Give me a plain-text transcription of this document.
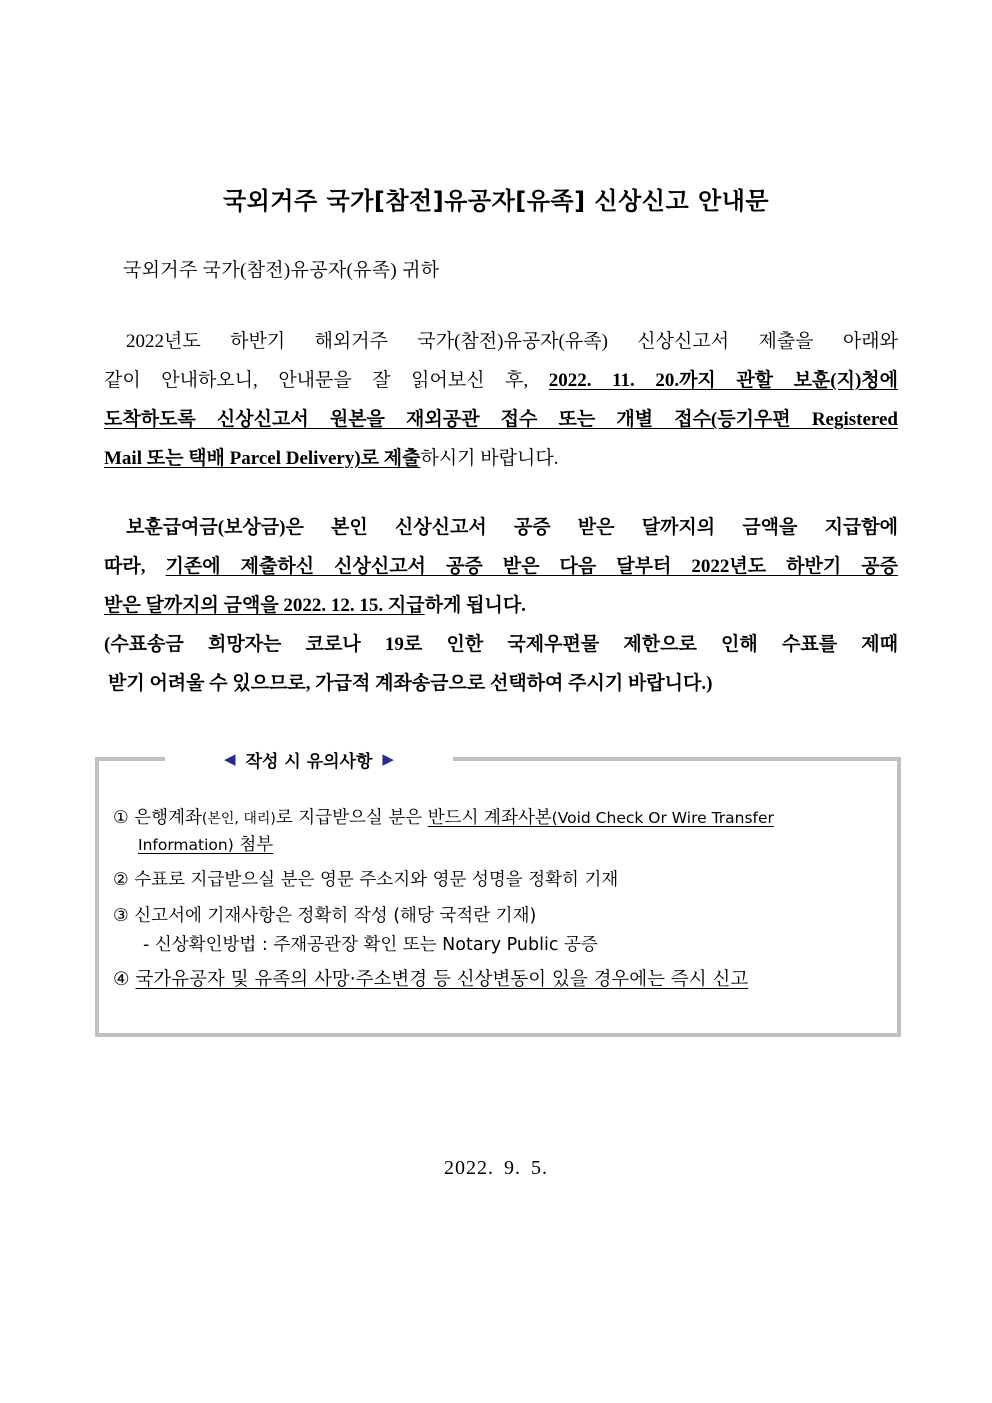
국외거주 국가[참전]유공자[유족] 신상신고 안내문
국외거주 국가(참전)유공자(유족) 귀하
2022년도 하반기 해외거주 국가(참전)유공자(유족) 신상신고서 제출을 아래와
같이 안내하오니, 안내문을 잘 읽어보신 후, 2022. 11. 20.까지 관할 보훈(지)청에
도착하도록 신상신고서 원본을 재외공관 접수 또는 개별 접수(등기우편 Registered
Mail 또는 택배 Parcel Delivery)로 제출하시기 바랍니다.
보훈급여금(보상금)은 본인 신상신고서 공증 받은 달까지의 금액을 지급함에
따라, 기존에 제출하신 신상신고서 공증 받은 다음 달부터 2022년도 하반기 공증
받은 달까지의 금액을 2022. 12. 15. 지급하게 됩니다.
(수표송금 희망자는 코로나 19로 인한 국제우편물 제한으로 인해 수표를 제때
받기 어려울 수 있으므로, 가급적 계좌송금으로 선택하여 주시기 바랍니다.)
◀ 작성 시 유의사항 ▶
① 은행계좌(본인, 대리)로 지급받으실 분은 반드시 계좌사본(Void Check Or Wire Transfer
Information) 첨부
② 수표로 지급받으실 분은 영문 주소지와 영문 성명을 정확히 기재
③ 신고서에 기재사항은 정확히 작성 (해당 국적란 기재)
- 신상확인방법 : 주재공관장 확인 또는 Notary Public 공증
④ 국가유공자 및 유족의 사망·주소변경 등 신상변동이 있을 경우에는 즉시 신고
2022. 9. 5.
